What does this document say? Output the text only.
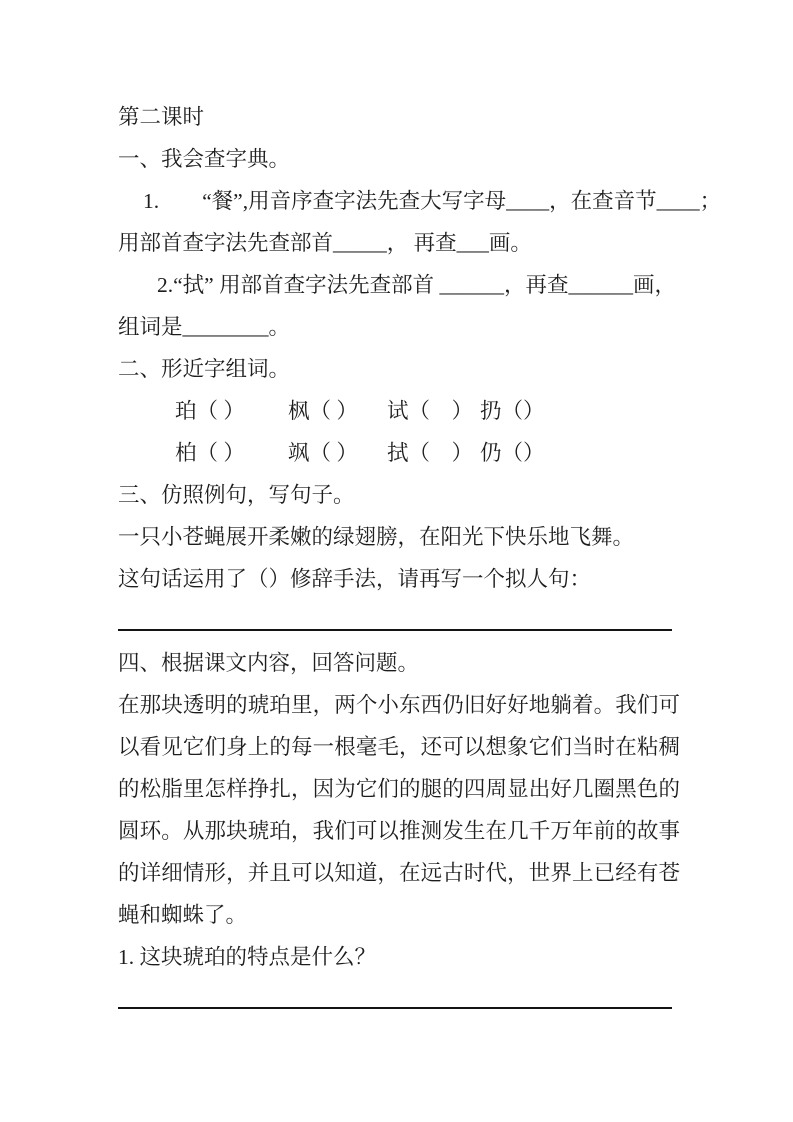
第二课时
一、我会查字典。
1.　　“餐”,用音序查字法先查大写字母____，在查音节____；
用部首查字法先查部首_____， 再查___画。
2.“拭” 用部首查字法先查部首 ______，再查______画，
组词是________。
二、形近字组词。
珀（ ）	枫（ ）	试（　） 扔（）
柏（ ）	飒（ ）	拭（　） 仍（）
三、仿照例句，写句子。
一只小苍蝇展开柔嫩的绿翅膀，在阳光下快乐地飞舞。
这句话运用了（）修辞手法，请再写一个拟人句：
四、根据课文内容，回答问题。
在那块透明的琥珀里，两个小东西仍旧好好地躺着。我们可
以看见它们身上的每一根毫毛，还可以想象它们当时在粘稠
的松脂里怎样挣扎，因为它们的腿的四周显出好几圈黑色的
圆环。从那块琥珀，我们可以推测发生在几千万年前的故事
的详细情形，并且可以知道，在远古时代，世界上已经有苍
蝇和蜘蛛了。
1. 这块琥珀的特点是什么？
